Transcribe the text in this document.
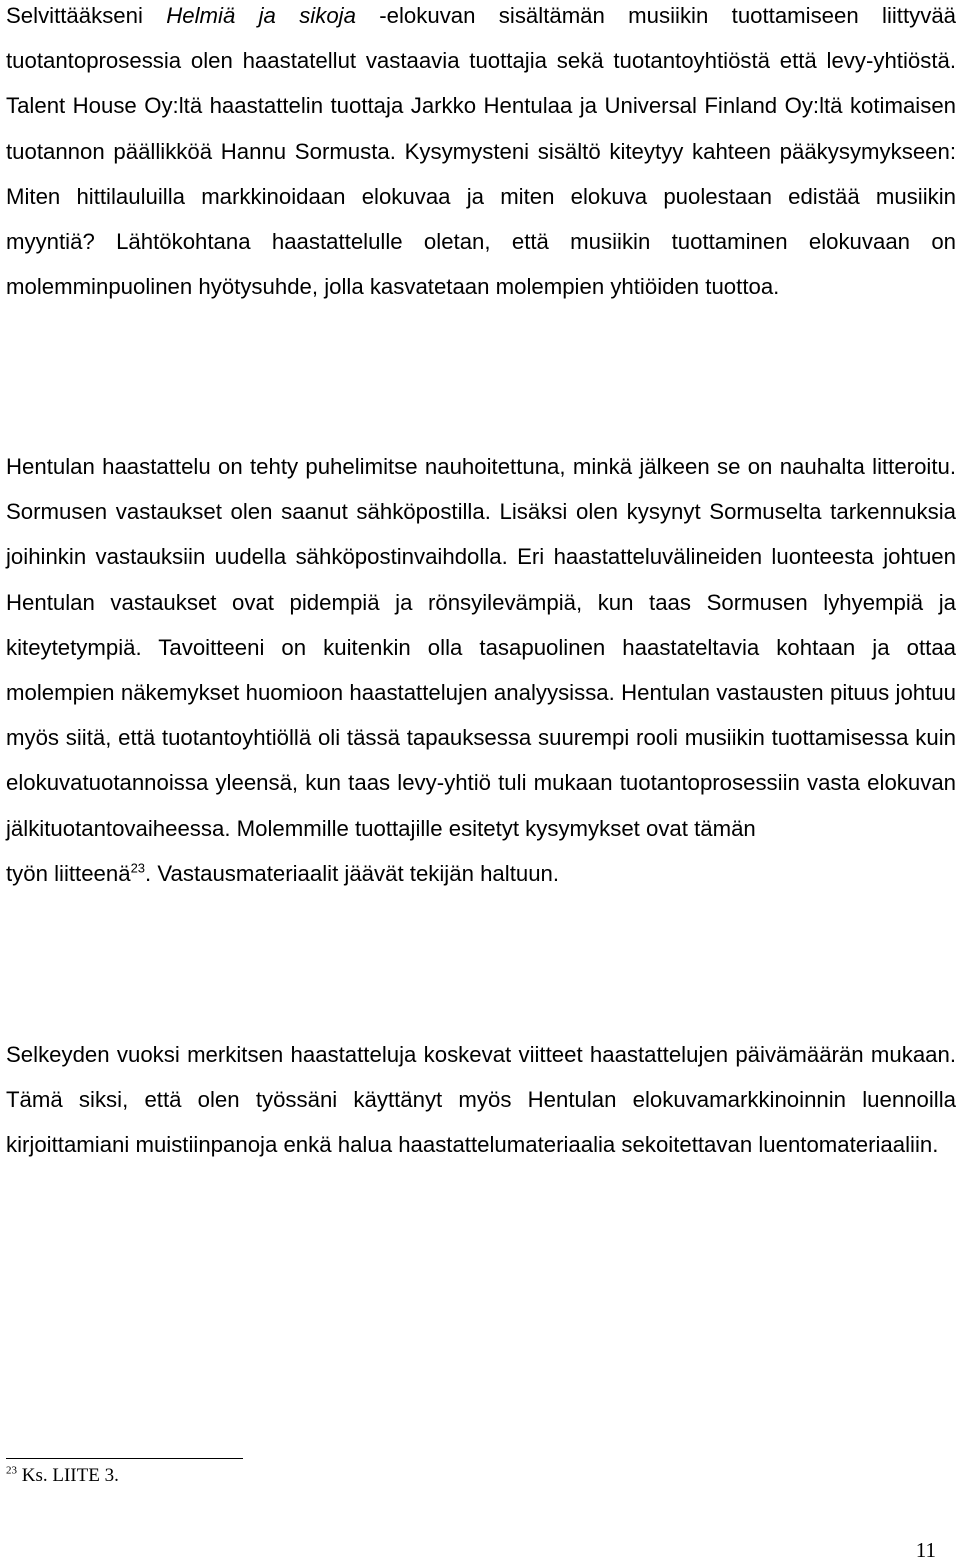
Selvittääkseni Helmiä ja sikoja -elokuvan sisältämän musiikin tuottamiseen liittyvää tuotantoprosessia olen haastatellut vastaavia tuottajia sekä tuotantoyhtiöstä että levy-yhtiöstä. Talent House Oy:ltä haastattelin tuottaja Jarkko Hentulaa ja Universal Finland Oy:ltä kotimaisen tuotannon päällikköä Hannu Sormusta. Kysymysteni sisältö kiteytyy kahteen pääkysymykseen: Miten hittilauluilla markkinoidaan elokuvaa ja miten elokuva puolestaan edistää musiikin myyntiä? Lähtökohtana haastattelulle oletan, että musiikin tuottaminen elokuvaan on molemminpuolinen hyötysuhde, jolla kasvatetaan molempien yhtiöiden tuottoa.

Hentulan haastattelu on tehty puhelimitse nauhoitettuna, minkä jälkeen se on nauhalta litteroitu. Sormusen vastaukset olen saanut sähköpostilla. Lisäksi olen kysynyt Sormuselta tarkennuksia joihinkin vastauksiin uudella sähköpostinvaihdolla. Eri haastatteluvälineiden luonteesta johtuen Hentulan vastaukset ovat pidempiä ja rönsyilevämpiä, kun taas Sormusen lyhyempiä ja kiteytetympiä. Tavoitteeni on kuitenkin olla tasapuolinen haastateltavia kohtaan ja ottaa molempien näkemykset huomioon haastattelujen analyysissa. Hentulan vastausten pituus johtuu myös siitä, että tuotantoyhtiöllä oli tässä tapauksessa suurempi rooli musiikin tuottamisessa kuin elokuvatuotannoissa yleensä, kun taas levy-yhtiö tuli mukaan tuotantoprosessiin vasta elokuvan jälkituotantovaiheessa. Molemmille tuottajille esitetyt kysymykset ovat tämän
työn liitteenä$^{23}$. Vastausmateriaalit jäävät tekijän haltuun.

Selkeyden vuoksi merkitsen haastatteluja koskevat viitteet haastattelujen päivämäärän mukaan. Tämä siksi, että olen työssäni käyttänyt myös Hentulan elokuvamarkkinoinnin luennoilla kirjoittamiani muistiinpanoja enkä halua haastattelumateriaalia sekoitettavan luentomateriaaliin.

$^{23}$ Ks. LIITE 3.
11
